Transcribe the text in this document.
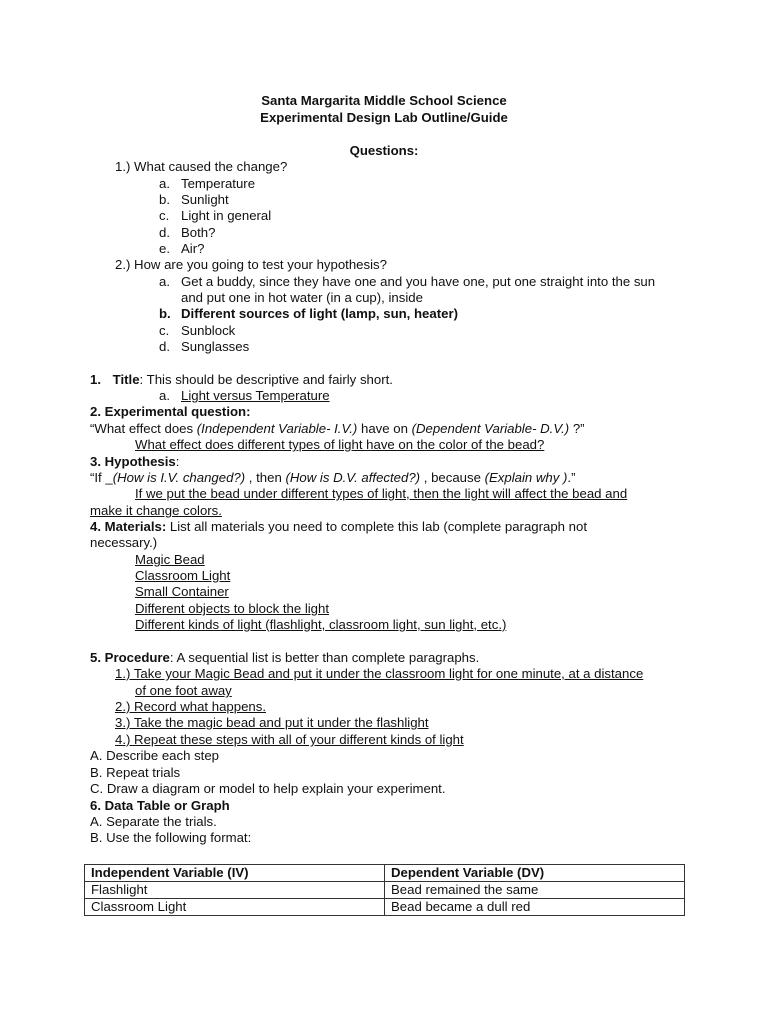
Santa Margarita Middle School Science
Experimental Design Lab Outline/Guide
Questions:
1.) What caused the change?
a. Temperature
b. Sunlight
c. Light in general
d. Both?
e. Air?
2.) How are you going to test your hypothesis?
a. Get a buddy, since they have one and you have one, put one straight into the sun
and put one in hot water (in a cup), inside
b. Different sources of light (lamp, sun, heater)
c. Sunblock
d. Sunglasses
1. Title: This should be descriptive and fairly short.
a. Light versus Temperature
2. Experimental question:
“What effect does (Independent Variable- I.V.) have on (Dependent Variable- D.V.) ?”
What effect does different types of light have on the color of the bead?
3. Hypothesis:
“If _(How is I.V. changed?) , then (How is D.V. affected?) , because (Explain why ).”
If we put the bead under different types of light, then the light will affect the bead and
make it change colors.
4. Materials: List all materials you need to complete this lab (complete paragraph not
necessary.)
Magic Bead
Classroom Light
Small Container
Different objects to block the light
Different kinds of light (flashlight, classroom light, sun light, etc.)
5. Procedure: A sequential list is better than complete paragraphs.
1.) Take your Magic Bead and put it under the classroom light for one minute, at a distance
of one foot away
2.) Record what happens.
3.) Take the magic bead and put it under the flashlight
4.) Repeat these steps with all of your different kinds of light
A. Describe each step
B. Repeat trials
C. Draw a diagram or model to help explain your experiment.
6. Data Table or Graph
A. Separate the trials.
B. Use the following format:
Independent Variable (IV)	Dependent Variable (DV)
Flashlight	Bead remained the same
Classroom Light	Bead became a dull red
